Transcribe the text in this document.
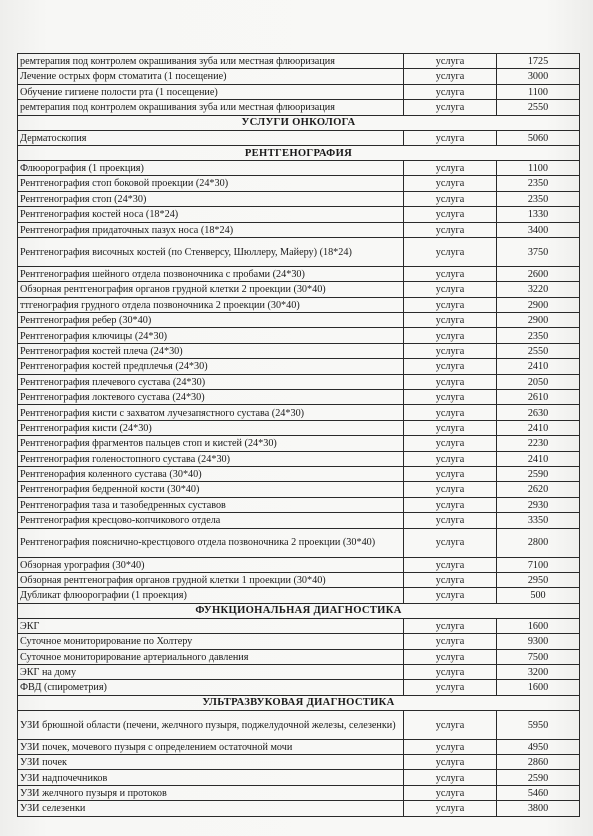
ремтерапия под контролем окрашивания зуба или местная флюоризация	услуга	1725
Лечение острых форм стоматита (1 посещение)	услуга	3000
Обучение гигиене полости рта (1 посещение)	услуга	1100
ремтерапия под контролем окрашивания зуба или местная флюоризация	услуга	2550
УСЛУГИ ОНКОЛОГА		
Дерматоскопия	услуга	5060
РЕНТГЕНОГРАФИЯ		
Флюорография (1 проекция)	услуга	1100
Рентгенография стоп боковой проекции (24*30)	услуга	2350
Рентгенография стоп (24*30)	услуга	2350
Рентгенография костей носа (18*24)	услуга	1330
Рентгенография придаточных пазух носа (18*24)	услуга	3400
Рентгенография височных костей (по Стенверсу, Шюллеру, Майеру) (18*24)	услуга	3750
Рентгенография шейного отдела позвоночника с пробами (24*30)	услуга	2600
Обзорная рентгенография органов грудной клетки 2 проекции (30*40)	услуга	3220
ттгенография грудного отдела позвоночника 2 проекции (30*40)	услуга	2900
Рентгенография ребер (30*40)	услуга	2900
Рентгенография ключицы (24*30)	услуга	2350
Рентгенография костей плеча (24*30)	услуга	2550
Рентгенография костей предплечья (24*30)	услуга	2410
Рентгенография плечевого сустава (24*30)	услуга	2050
Рентгенография локтевого сустава (24*30)	услуга	2610
Рентгенография кисти с захватом лучезапястного сустава (24*30)	услуга	2630
Рентгенография кисти (24*30)	услуга	2410
Рентгенография фрагментов пальцев стоп и кистей (24*30)	услуга	2230
Рентгенография голеностопного сустава (24*30)	услуга	2410
Рентгенорафия коленного сустава (30*40)	услуга	2590
Рентгенография бедренной кости (30*40)	услуга	2620
Рентгенография таза и тазобедренных суставов	услуга	2930
Рентгенография кресцово-копчикового отдела	услуга	3350
Рентгенография пояснично-крестцового отдела позвоночника 2 проекции (30*40)	услуга	2800
Обзорная урография (30*40)	услуга	7100
Обзорная рентгенография органов грудной клетки 1 проекции (30*40)	услуга	2950
Дубликат флюорографии (1 проекция)	услуга	500
ФУНКЦИОНАЛЬНАЯ ДИАГНОСТИКА		
ЭКГ	услуга	1600
Суточное мониторирование по Холтеру	услуга	9300
Суточное мониторирование артериального давления	услуга	7500
ЭКГ на дому	услуга	3200
ФВД (спирометрия)	услуга	1600
УЛЬТРАЗВУКОВАЯ ДИАГНОСТИКА		
УЗИ брюшной области (печени, желчного пузыря, поджелудочной железы, селезенки)	услуга	5950
УЗИ почек, мочевого пузыря с определением остаточной мочи	услуга	4950
УЗИ почек	услуга	2860
УЗИ надпочечников	услуга	2590
УЗИ желчного пузыря и протоков	услуга	5460
УЗИ селезенки	услуга	3800
